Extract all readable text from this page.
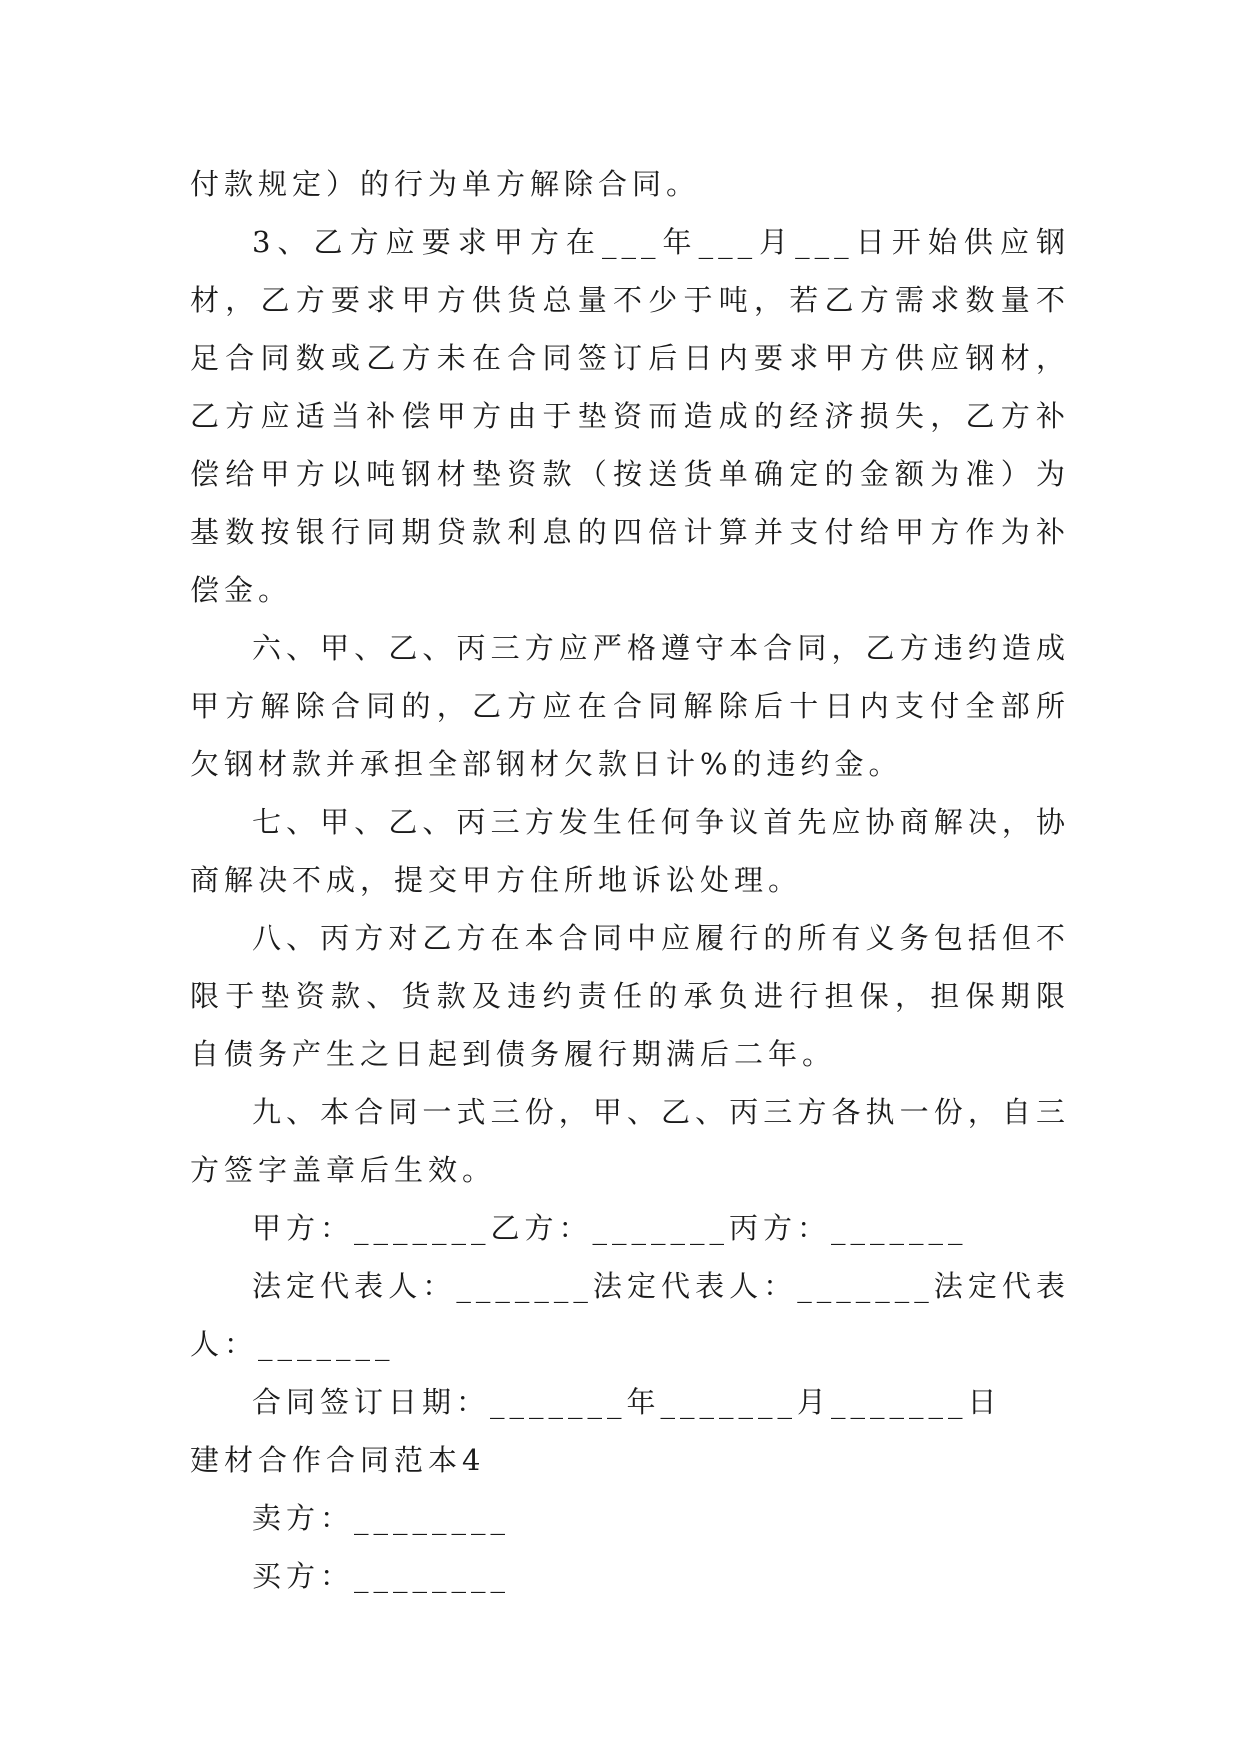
付款规定）的行为单方解除合同。

3、乙方应要求甲方在___年___月___日开始供应钢材，乙方要求甲方供货总量不少于吨，若乙方需求数量不足合同数或乙方未在合同签订后日内要求甲方供应钢材，乙方应适当补偿甲方由于垫资而造成的经济损失，乙方补偿给甲方以吨钢材垫资款（按送货单确定的金额为准）为基数按银行同期贷款利息的四倍计算并支付给甲方作为补偿金。

六、甲、乙、丙三方应严格遵守本合同，乙方违约造成甲方解除合同的，乙方应在合同解除后十日内支付全部所欠钢材款并承担全部钢材欠款日计%的违约金。

七、甲、乙、丙三方发生任何争议首先应协商解决，协商解决不成，提交甲方住所地诉讼处理。

八、丙方对乙方在本合同中应履行的所有义务包括但不限于垫资款、货款及违约责任的承负进行担保，担保期限自债务产生之日起到债务履行期满后二年。

九、本合同一式三份，甲、乙、丙三方各执一份，自三方签字盖章后生效。

甲方：_______乙方：_______丙方：_______

法定代表人：_______法定代表人：_______法定代表人：_______

合同签订日期：_______年_______月_______日

建材合作合同范本4

卖方：________

买方：________
